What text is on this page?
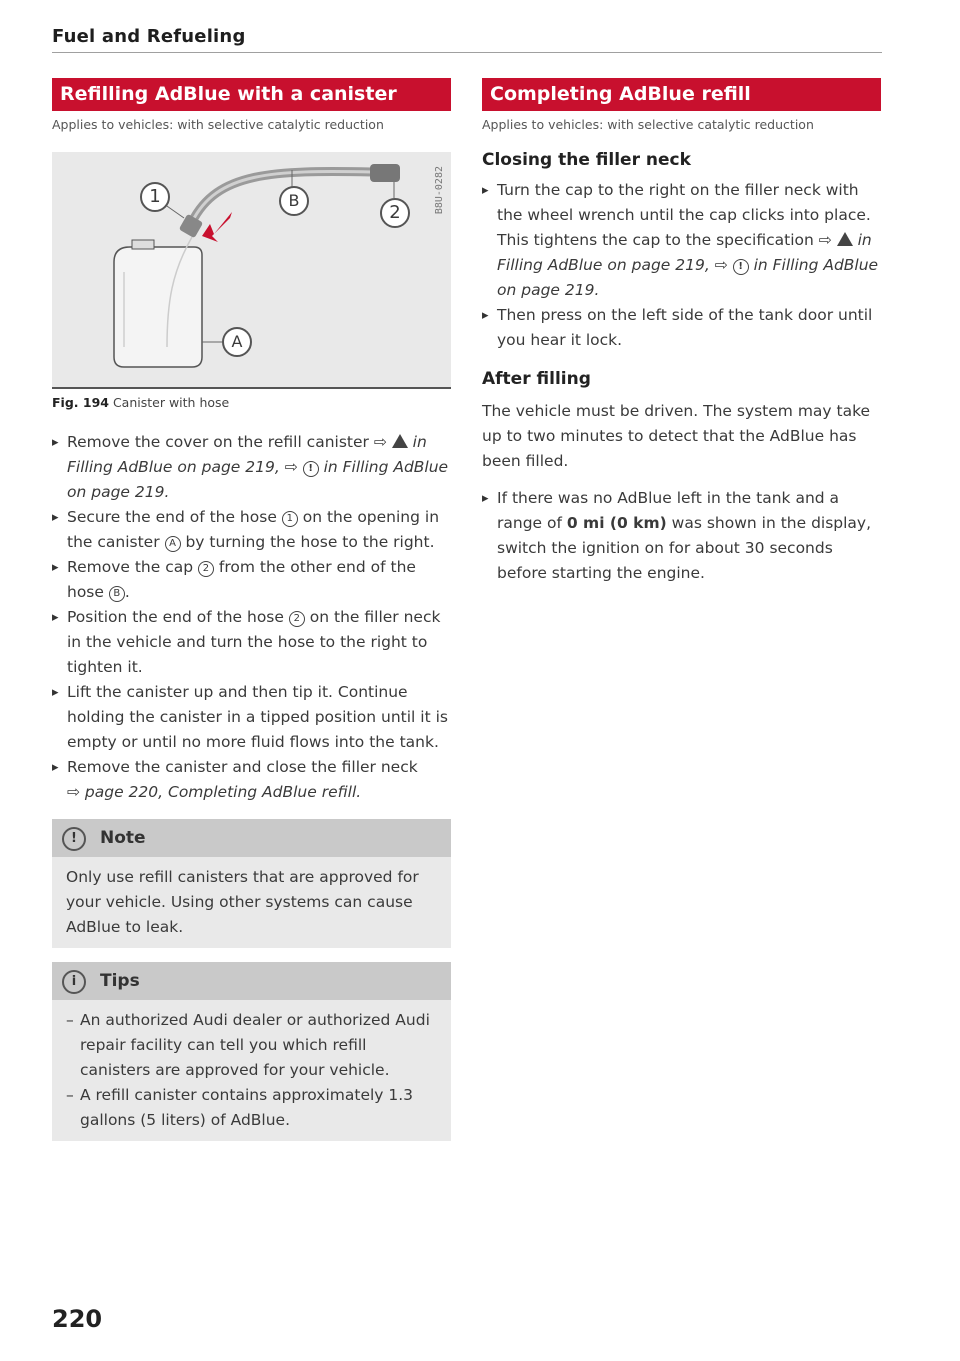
Fuel and Refueling
Refilling AdBlue with a canister
Applies to vehicles: with selective catalytic reduction
1	B
2
A
B8U-0282
Fig. 194 Canister with hose
▸ Remove the cover on the refill canister ⇨  in Filling AdBlue on page 219, ⇨ ! in Filling AdBlue on page 219.
▸ Secure the end of the hose 1 on the opening in the canister A by turning the hose to the right.
▸ Remove the cap 2 from the other end of the hose B .
▸ Position the end of the hose 2 on the filler neck in the vehicle and turn the hose to the right to tighten it.
▸ Lift the canister up and then tip it. Continue holding the canister in a tipped position until it is empty or until no more fluid flows into the tank.
▸ Remove the canister and close the filler neck
⇨ page 220, Completing AdBlue refill.
! Note
Only use refill canisters that are approved for your vehicle. Using other systems can cause AdBlue to leak.
i Tips
– An authorized Audi dealer or authorized Audi repair facility can tell you which refill canisters are approved for your vehicle.
– A refill canister contains approximately 1.3 gallons (5 liters) of AdBlue.
Completing AdBlue refill
Applies to vehicles: with selective catalytic reduction
Closing the filler neck
▸ Turn the cap to the right on the filler neck with the wheel wrench until the cap clicks into place. This tightens the cap to the specification ⇨  in Filling AdBlue on page 219, ⇨ ! in Filling AdBlue on page 219.
▸ Then press on the left side of the tank door until you hear it lock.
After filling
The vehicle must be driven. The system may take up to two minutes to detect that the AdBlue has been filled.
▸ If there was no AdBlue left in the tank and a range of 0 mi (0 km) was shown in the display, switch the ignition on for about 30 seconds before starting the engine.
220
